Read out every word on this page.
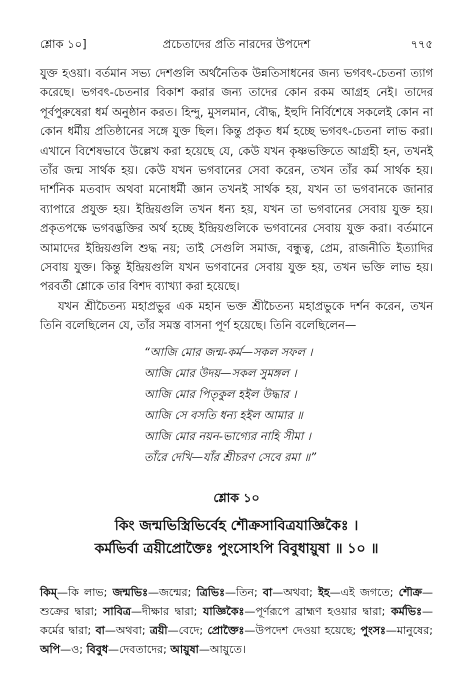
শ্লোক ১০]	প্রচেতাদের প্রতি নারদের উপদেশ	৭৭৫

যুক্ত হওয়া। বর্তমান সভ্য দেশগুলি অর্থনৈতিক উন্নতিসাধনের জন্য ভগবৎ-চেতনা ত্যাগ করেছে। ভগবৎ-চেতনার বিকাশ করার জন্য তাদের কোন রকম আগ্রহ নেই। তাদের পূর্বপুরুষেরা ধর্ম অনুষ্ঠান করত। হিন্দু, মুসলমান, বৌদ্ধ, ইহুদি নির্বিশেষে সকলেই কোন না কোন ধর্মীয় প্রতিষ্ঠানের সঙ্গে যুক্ত ছিল। কিন্তু প্রকৃত ধর্ম হচ্ছে ভগবৎ-চেতনা লাভ করা। এখানে বিশেষভাবে উল্লেখ করা হয়েছে যে, কেউ যখন কৃষ্ণভক্তিতে আগ্রহী হন, তখনই তাঁর জন্ম সার্থক হয়। কেউ যখন ভগবানের সেবা করেন, তখন তাঁর কর্ম সার্থক হয়। দার্শনিক মতবাদ অথবা মনোধর্মী জ্ঞান তখনই সার্থক হয়, যখন তা ভগবানকে জানার ব্যাপারে প্রযুক্ত হয়। ইন্দ্রিয়গুলি তখন ধন্য হয়, যখন তা ভগবানের সেবায় যুক্ত হয়। প্রকৃতপক্ষে ভগবদ্ভক্তির অর্থ হচ্ছে ইন্দ্রিয়গুলিকে ভগবানের সেবায় যুক্ত করা। বর্তমানে আমাদের ইন্দ্রিয়গুলি শুদ্ধ নয়; তাই সেগুলি সমাজ, বন্ধুত্ব, প্রেম, রাজনীতি ইত্যাদির সেবায় যুক্ত। কিন্তু ইন্দ্রিয়গুলি যখন ভগবানের সেবায় যুক্ত হয়, তখন ভক্তি লাভ হয়। পরবর্তী শ্লোকে তার বিশদ ব্যাখ্যা করা হয়েছে।

যখন শ্রীচৈতন্য মহাপ্রভুর এক মহান ভক্ত শ্রীচৈতন্য মহাপ্রভুকে দর্শন করেন, তখন তিনি বলেছিলেন যে, তাঁর সমস্ত বাসনা পূর্ণ হয়েছে। তিনি বলেছিলেন—

“আজি মোর জন্ম-কর্ম—সকল সফল ।

আজি মোর উদয়—সকল সুমঙ্গল ।

আজি মোর পিতৃকুল হইল উদ্ধার ।

আজি সে বসতি ধন্য হইল আমার ॥

আজি মোর নয়ন-ভাগ্যের নাহি সীমা ।

তাঁরে দেখি—যাঁর শ্রীচরণ সেবে রমা ॥”

শ্লোক ১০

কিং জন্মভিস্ত্রিভির্বেহ শৌক্রসাবিত্রযাজ্ঞিকৈঃ ।

কর্মভির্বা ত্রয়ীপ্রোক্তৈঃ পুংসোঽপি বিবুধায়ুষা ॥ ১০ ॥

কিম্—কি লাভ; জন্মভিঃ—জন্মের; ত্রিভিঃ—তিন; বা—অথবা; ইহ—এই জগতে; শৌক্র—শুক্রের দ্বারা; সাবিত্র—দীক্ষার দ্বারা; যাজ্ঞিকৈঃ—পূর্ণরূপে ব্রাহ্মণ হওয়ার দ্বারা; কর্মভিঃ—কর্মের দ্বারা; বা—অথবা; ত্রয়ী—বেদে; প্রোক্তৈঃ—উপদেশ দেওয়া হয়েছে; পুংসঃ—মানুষের; অপি—ও; বিবুধ—দেবতাদের; আয়ুষা—আয়ুতে।
